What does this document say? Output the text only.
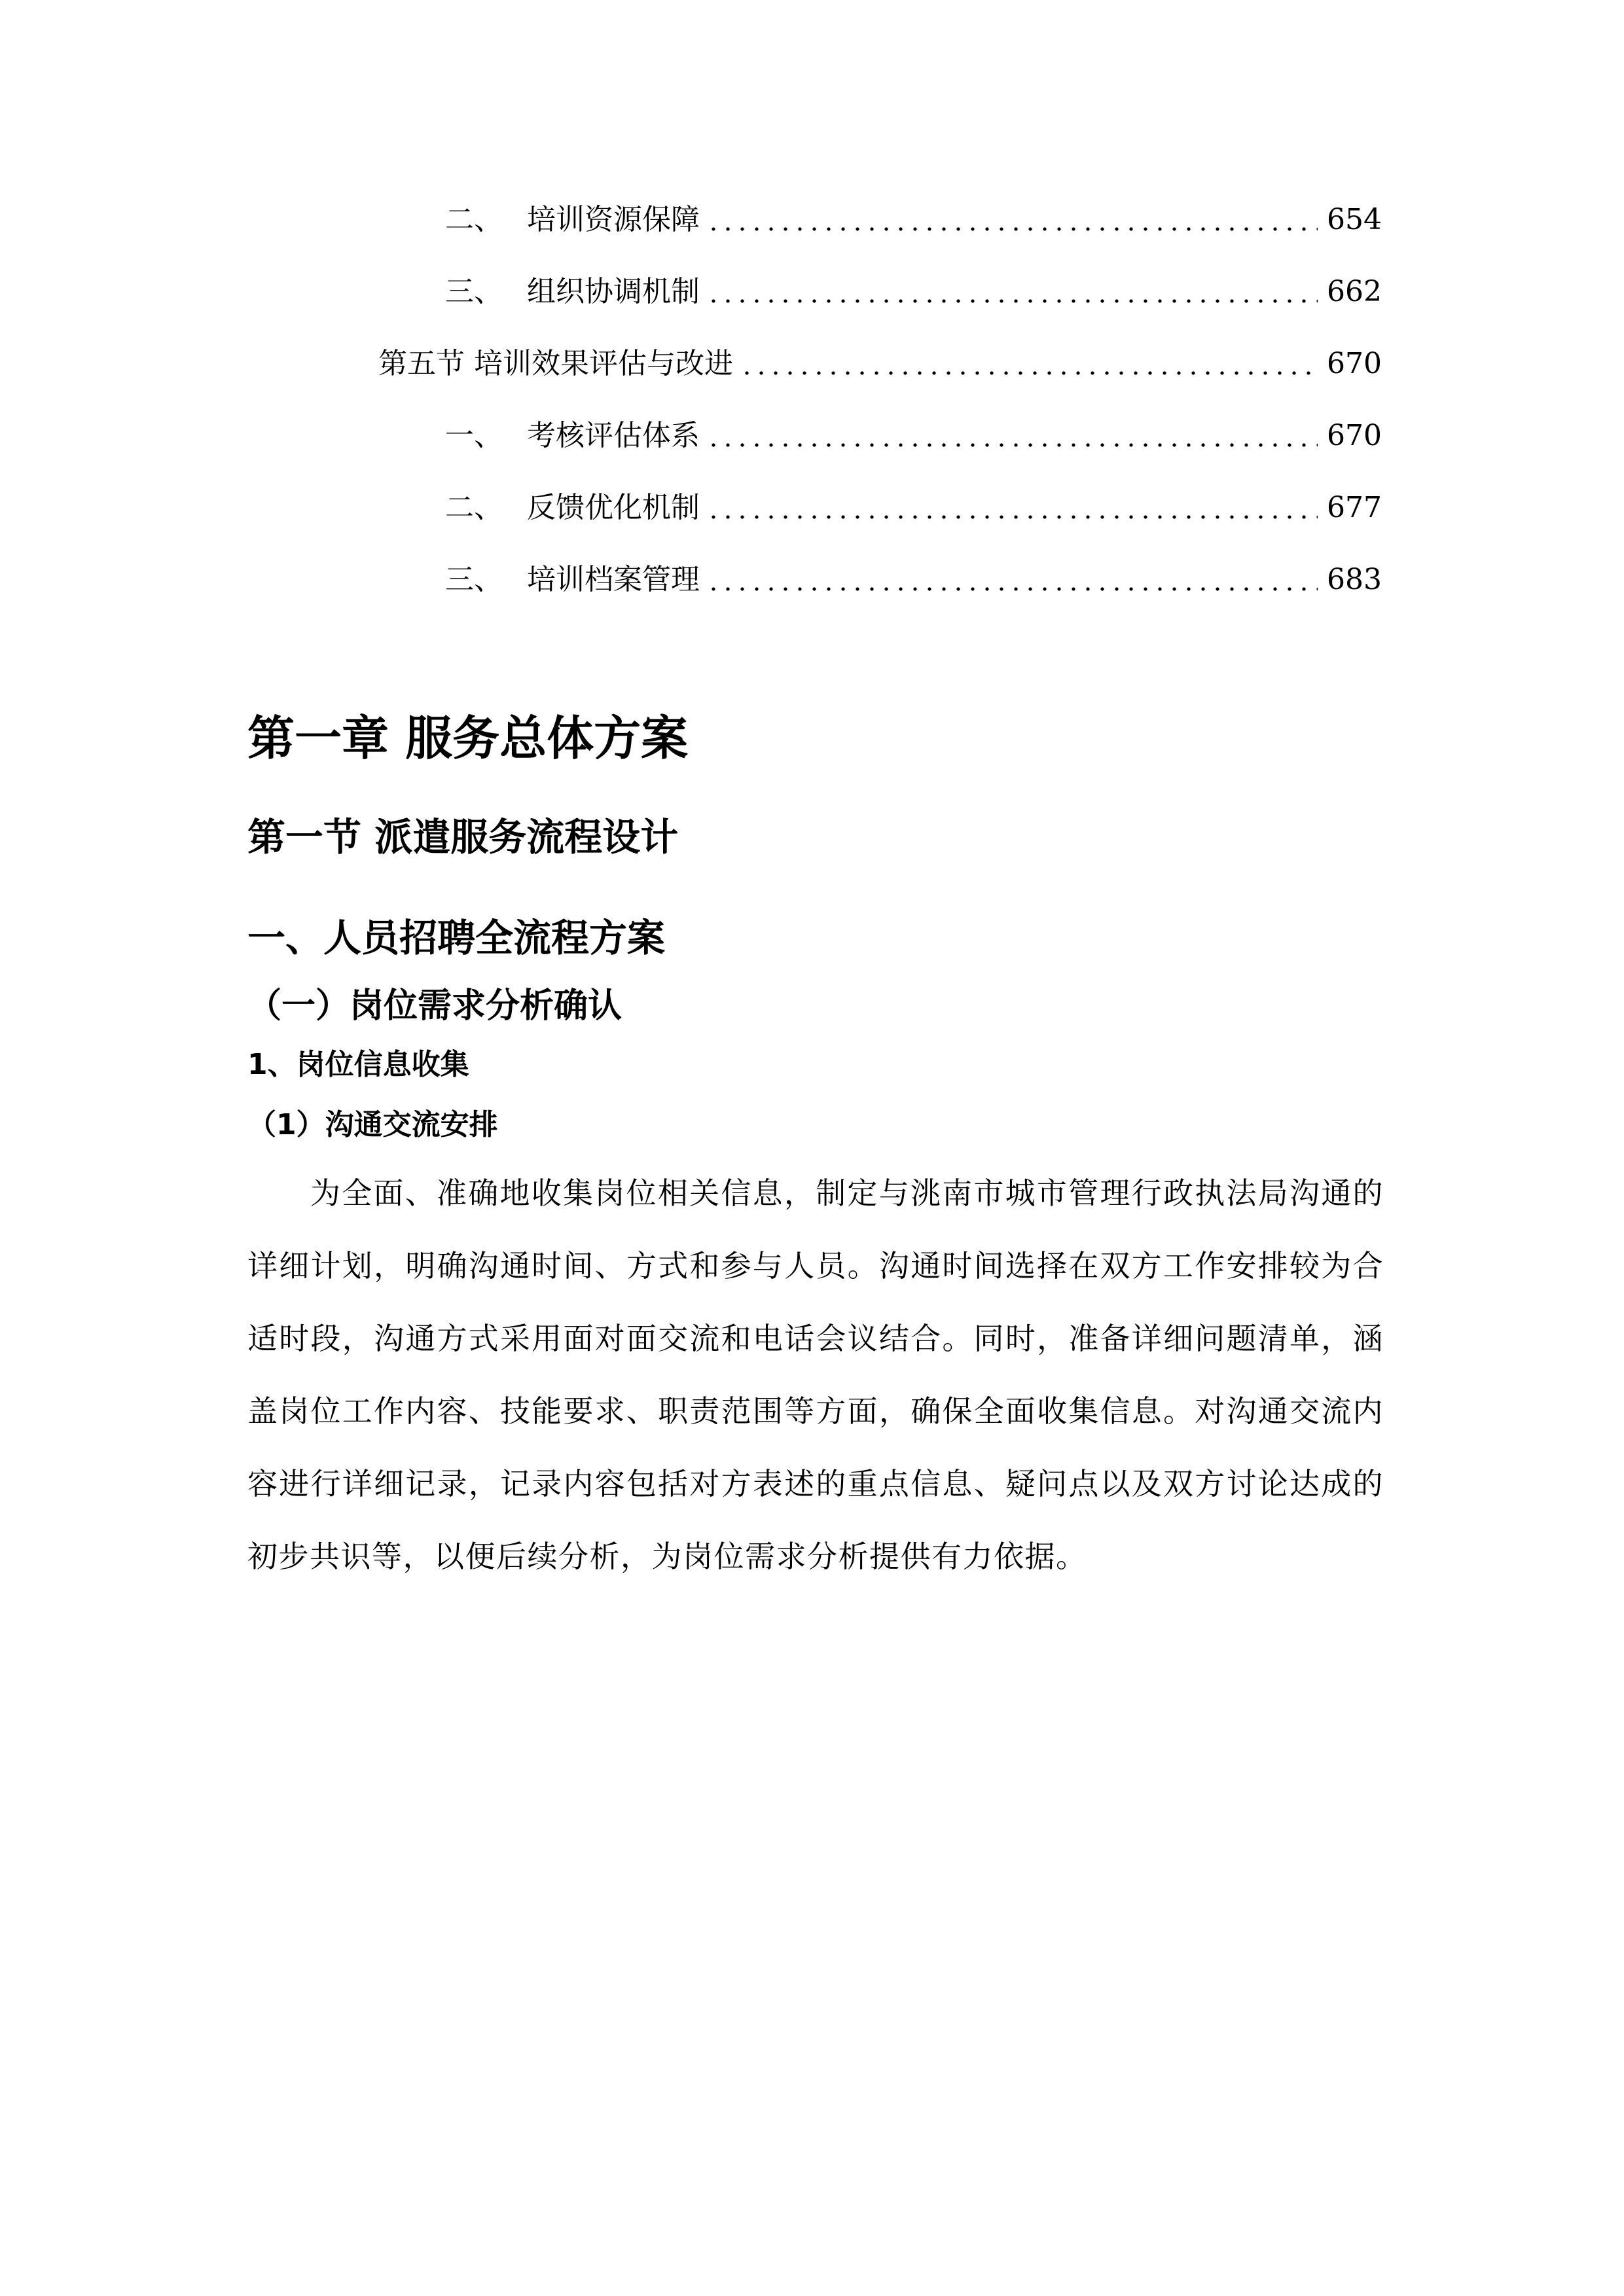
二、 培训资源保障	654
三、 组织协调机制	662
第五节 培训效果评估与改进	670
一、 考核评估体系	670
二、 反馈优化机制	677
三、 培训档案管理	683
第一章 服务总体方案
第一节 派遣服务流程设计
一、人员招聘全流程方案
（一）岗位需求分析确认
1、岗位信息收集
（1）沟通交流安排

为全面、准确地收集岗位相关信息，制定与洮南市城市管理行政执法局沟通的详细计划，明确沟通时间、方式和参与人员。沟通时间选择在双方工作安排较为合适时段，沟通方式采用面对面交流和电话会议结合。同时，准备详细问题清单，涵盖岗位工作内容、技能要求、职责范围等方面，确保全面收集信息。对沟通交流内容进行详细记录，记录内容包括对方表述的重点信息、疑问点以及双方讨论达成的初步共识等，以便后续分析，为岗位需求分析提供有力依据。
